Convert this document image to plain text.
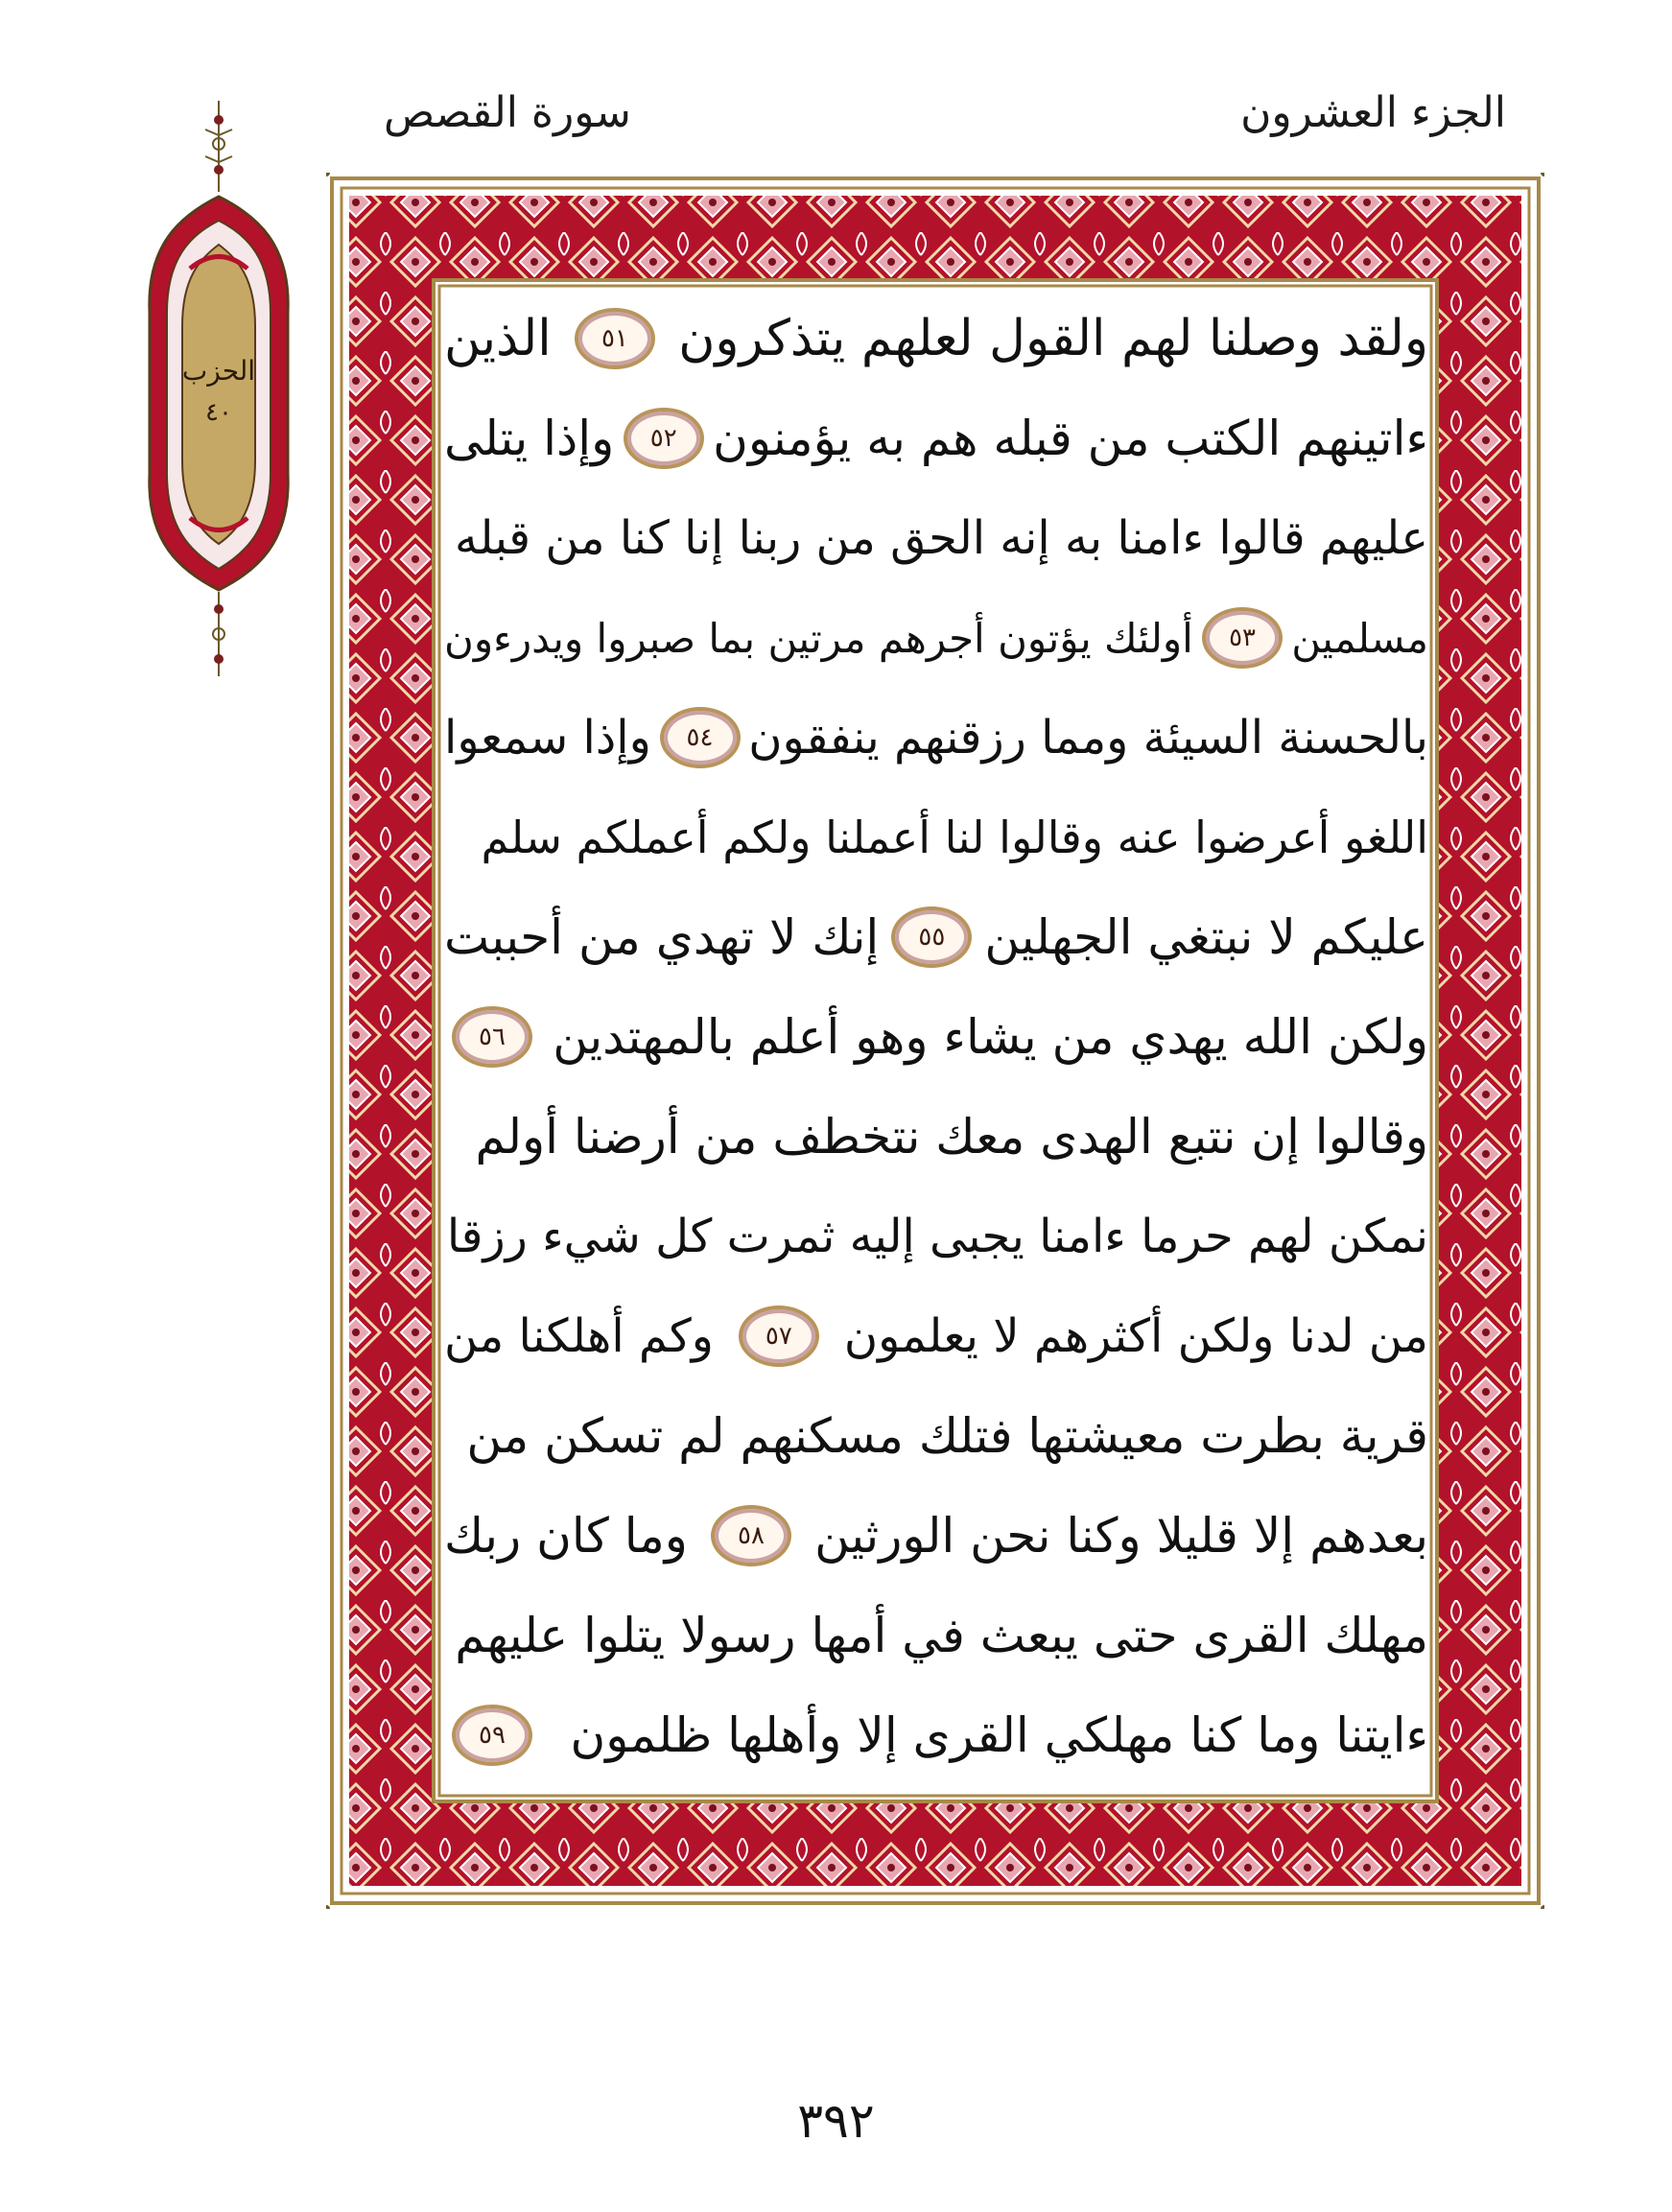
الجزء العشرون
سورة القصص
الحزب
٤٠
ولقد وصلنا لهم القول لعلهم يتذكرون
٥١
الذين
ءاتينهم الكتب من قبله هم به يؤمنون
٥٢
وإذا يتلى
عليهم قالوا ءامنا به إنه الحق من ربنا إنا كنا من قبله
مسلمين
٥٣
أولئك يؤتون أجرهم مرتين بما صبروا ويدرءون
بالحسنة السيئة ومما رزقنهم ينفقون
٥٤
وإذا سمعوا
اللغو أعرضوا عنه وقالوا لنا أعملنا ولكم أعملكم سلم
عليكم لا نبتغي الجهلين
٥٥
إنك لا تهدي من أحببت
ولكن الله يهدي من يشاء وهو أعلم بالمهتدين
٥٦
وقالوا إن نتبع الهدى معك نتخطف من أرضنا أولم
نمكن لهم حرما ءامنا يجبى إليه ثمرت كل شيء رزقا
من لدنا ولكن أكثرهم لا يعلمون
٥٧
وكم أهلكنا من
قرية بطرت معيشتها فتلك مسكنهم لم تسكن من
بعدهم إلا قليلا وكنا نحن الورثين
٥٨
وما كان ربك
مهلك القرى حتى يبعث في أمها رسولا يتلوا عليهم
ءايتنا وما كنا مهلكي القرى إلا وأهلها ظلمون
٥٩
٣٩٢
